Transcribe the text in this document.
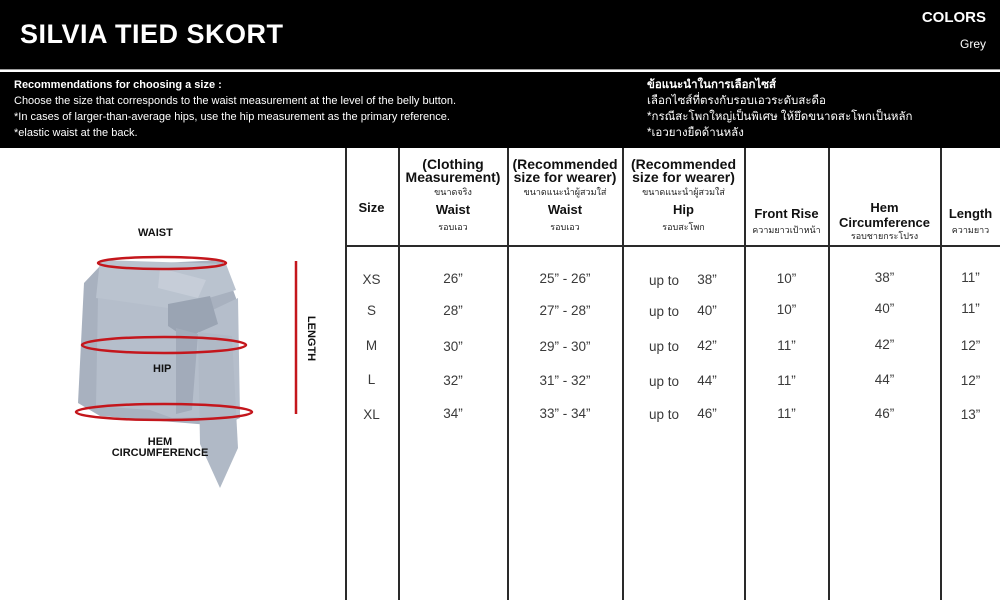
SILVIA TIED SKORT
COLORS
Grey
Recommendations for choosing a size :
Choose the size that corresponds to the waist measurement at the level of the belly button.
*In cases of larger-than-average hips, use the hip measurement as the primary reference.
*elastic waist at the back.
ข้อแนะนำในการเลือกไซส์
เลือกไซส์ที่ตรงกับรอบเอวระดับสะดือ
*กรณีสะโพกใหญ่เป็นพิเศษ ให้ยึดขนาดสะโพกเป็นหลัก
*เอวยางยืดด้านหลัง
WAIST
HIP
LENGTH
HEM
CIRCUMFERENCE
Size
(Clothing Measurement)
ขนาดจริง
Waist
รอบเอว
(Recommended size for wearer)
ขนาดแนะนำผู้สวมใส่
Waist
รอบเอว
(Recommended size for wearer)
ขนาดแนะนำผู้สวมใส่
Hip
รอบสะโพก
Front Rise
ความยาวเป้าหน้า
Hem Circumference
รอบชายกระโปรง
Length
ความยาว
XS	26”	25” - 26”	up to	38”	10”	38”	11”
S	28”	27” - 28”	up to	40”	10”	40”	11”
M	30”	29” - 30”	up to	42”	11”	42”	12”
L	32”	31” - 32”	up to	44”	11”	44”	12”
XL	34”	33” - 34”	up to	46”	11”	46”	13”
